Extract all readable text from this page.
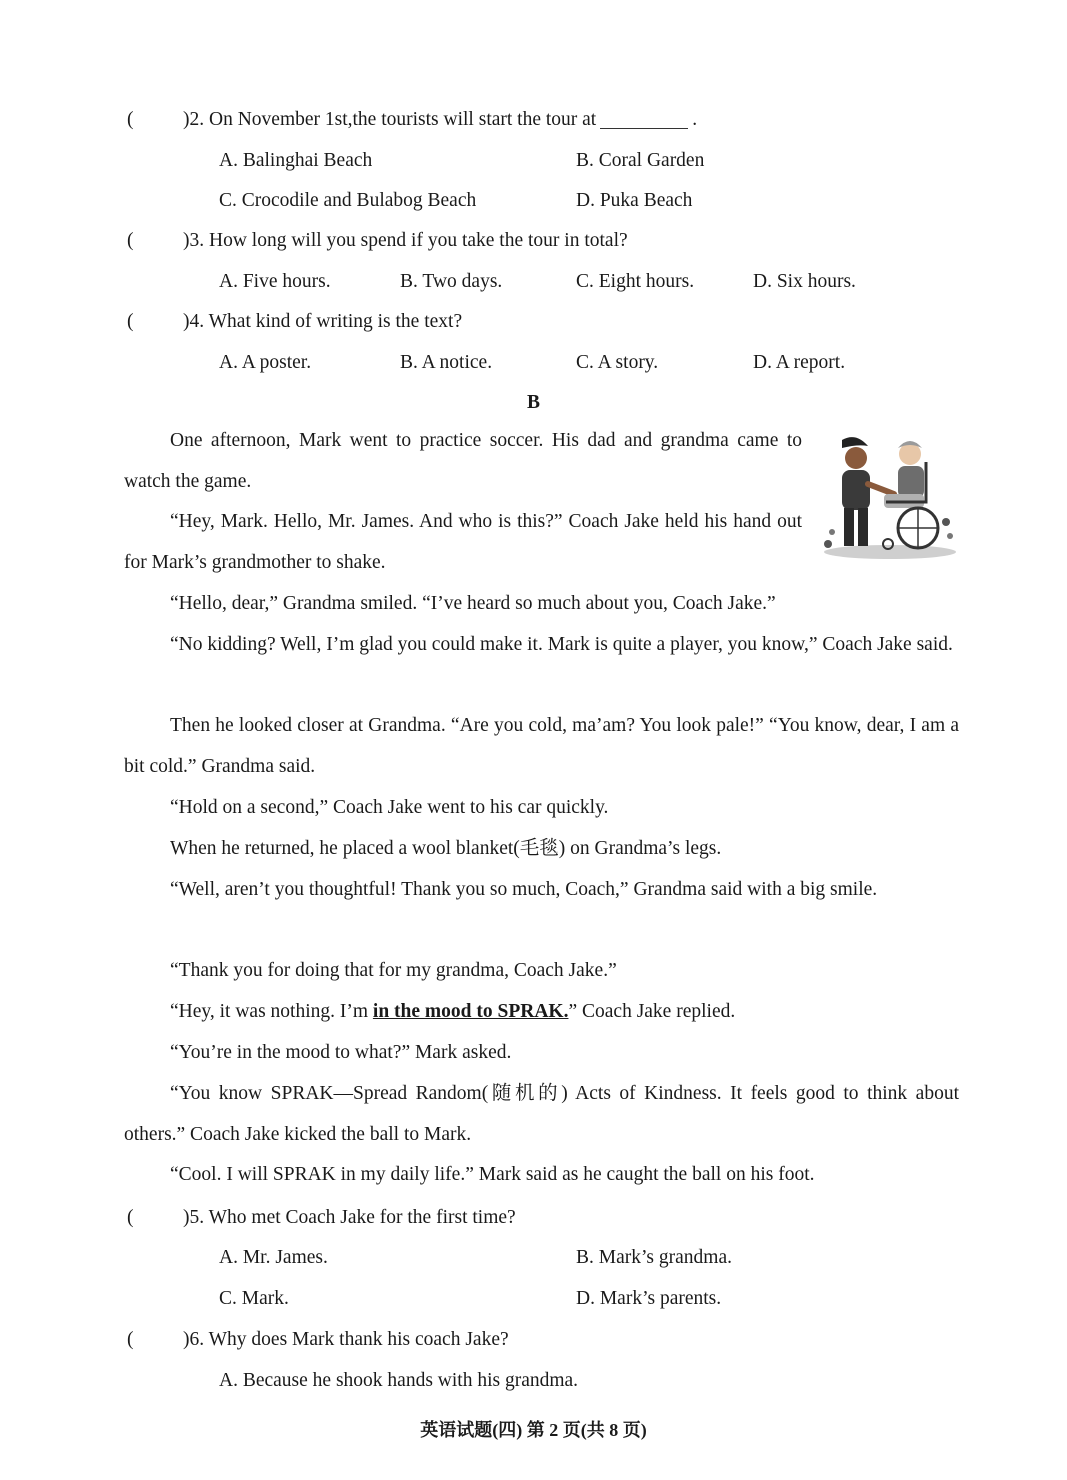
(	)2. On November 1st,the tourists will start the tour at	.
A. Balinghai Beach	B. Coral Garden
C. Crocodile and Bulabog Beach	D. Puka Beach
(	)3. How long will you spend if you take the tour in total?
A. Five hours.	B. Two days.	C. Eight hours.	D. Six hours.
(	)4. What kind of writing is the text?
A. A poster.	B. A notice.	C. A story.	D. A report.
B
One afternoon, Mark went to practice soccer. His dad and grandma came to watch the game.
“Hey, Mark. Hello, Mr. James. And who is this?” Coach Jake held his hand out for Mark’s grandmother to shake.
“Hello, dear,” Grandma smiled. “I’ve heard so much about you, Coach Jake.”
“No kidding? Well, I’m glad you could make it. Mark is quite a player, you know,” Coach Jake said.
Then he looked closer at Grandma. “Are you cold, ma’am? You look pale!” “You know, dear, I am a bit cold.” Grandma said.
“Hold on a second,” Coach Jake went to his car quickly.
When he returned, he placed a wool blanket(毛毯) on Grandma’s legs.
“Well, aren’t you thoughtful! Thank you so much, Coach,” Grandma said with a big smile.
“Thank you for doing that for my grandma, Coach Jake.”
“Hey, it was nothing. I’m in the mood to SPRAK.” Coach Jake replied.
“You’re in the mood to what?” Mark asked.
“You know SPRAK—Spread Random(随机的) Acts of Kindness. It feels good to think about others.” Coach Jake kicked the ball to Mark.
“Cool. I will SPRAK in my daily life.” Mark said as he caught the ball on his foot.
(	)5. Who met Coach Jake for the first time?
A. Mr. James.	B. Mark’s grandma.
C. Mark.	D. Mark’s parents.
(	)6. Why does Mark thank his coach Jake?
A. Because he shook hands with his grandma.
英语试题(四) 第 2 页(共 8 页)
